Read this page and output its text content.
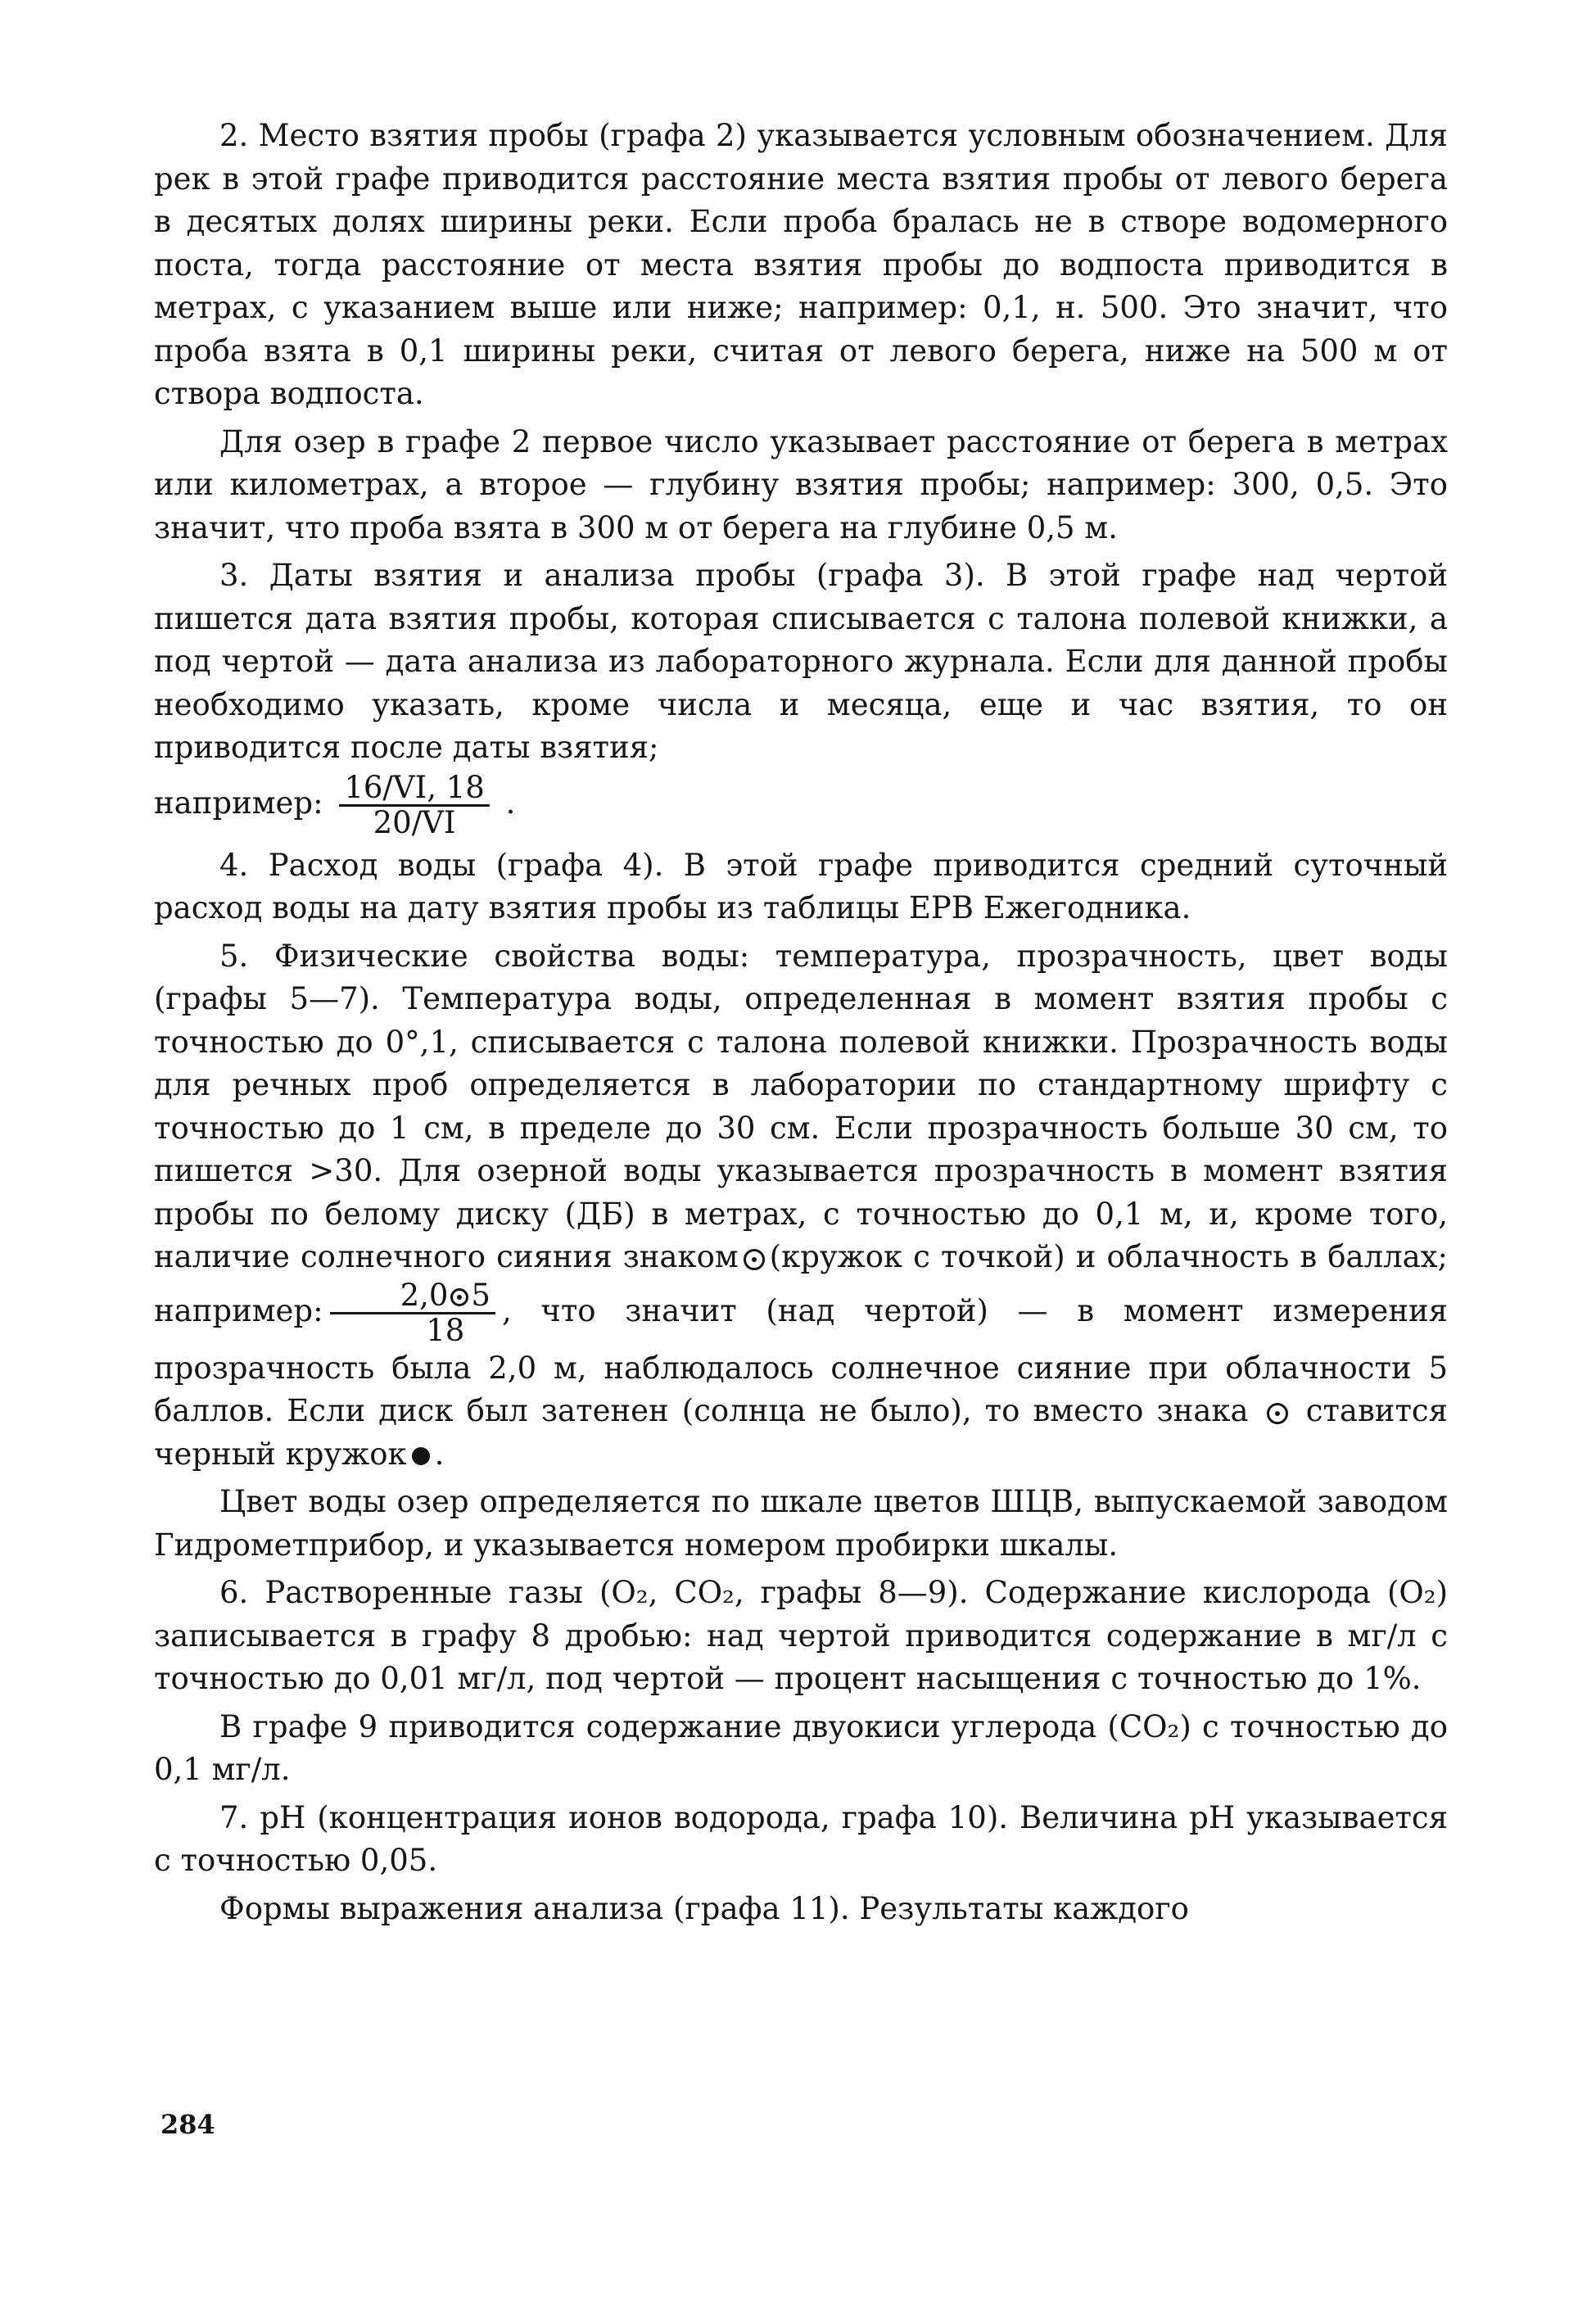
2. Место взятия пробы (графа 2) указывается условным обозначением. Для рек в этой графе приводится расстояние места взятия пробы от левого берега в десятых долях ширины реки. Если проба бралась не в створе водомерного поста, тогда расстояние от места взятия пробы до водпоста приводится в метрах, с указанием выше или ниже; например: 0,1, н. 500. Это значит, что проба взята в 0,1 ширины реки, считая от левого берега, ниже на 500 м от створа водпоста.

Для озер в графе 2 первое число указывает расстояние от берега в метрах или километрах, а второе — глубину взятия пробы; например: 300, 0,5. Это значит, что проба взята в 300 м от берега на глубине 0,5 м.

3. Даты взятия и анализа пробы (графа 3). В этой графе над чертой пишется дата взятия пробы, которая списывается с талона полевой книжки, а под чертой — дата анализа из лабораторного журнала. Если для данной пробы необходимо указать, кроме числа и месяца, еще и час взятия, то он приводится после даты взятия;

например: $\frac{16/VI, 18}{20/VI}$ .

4. Расход воды (графа 4). В этой графе приводится средний суточный расход воды на дату взятия пробы из таблицы ЕРВ Ежегодника.

5. Физические свойства воды: температура, прозрачность, цвет воды (графы 5—7). Температура воды, определенная в момент взятия пробы с точностью до 0°,1, списывается с талона полевой книжки. Прозрачность воды для речных проб определяется в лаборатории по стандартному шрифту с точностью до 1 см, в пределе до 30 см. Если прозрачность больше 30 см, то пишется >30. Для озерной воды указывается прозрачность в момент взятия пробы по белому диску (ДБ) в метрах, с точностью до 0,1 м, и, кроме того, наличие солнечного сияния знаком (кружок с точкой) и облачность в баллах; например: $\frac{2,0 5}{18}$ , что значит (над чертой) — в момент измерения прозрачность была 2,0 м, наблюдалось солнечное сияние при облачности 5 баллов. Если диск был затенен (солнца не было), то вместо знака ставится черный кружок .

Цвет воды озер определяется по шкале цветов ШЦВ, выпускаемой заводом Гидрометприбор, и указывается номером пробирки шкалы.

6. Растворенные газы (O₂, CO₂, графы 8—9). Содержание кислорода (O₂) записывается в графу 8 дробью: над чертой приводится содержание в мг/л с точностью до 0,01 мг/л, под чертой — процент насыщения с точностью до 1%.

В графе 9 приводится содержание двуокиси углерода (CO₂) с точностью до 0,1 мг/л.

7. pH (концентрация ионов водорода, графа 10). Величина pH указывается с точностью 0,05.

Формы выражения анализа (графа 11). Результаты каждого

284
